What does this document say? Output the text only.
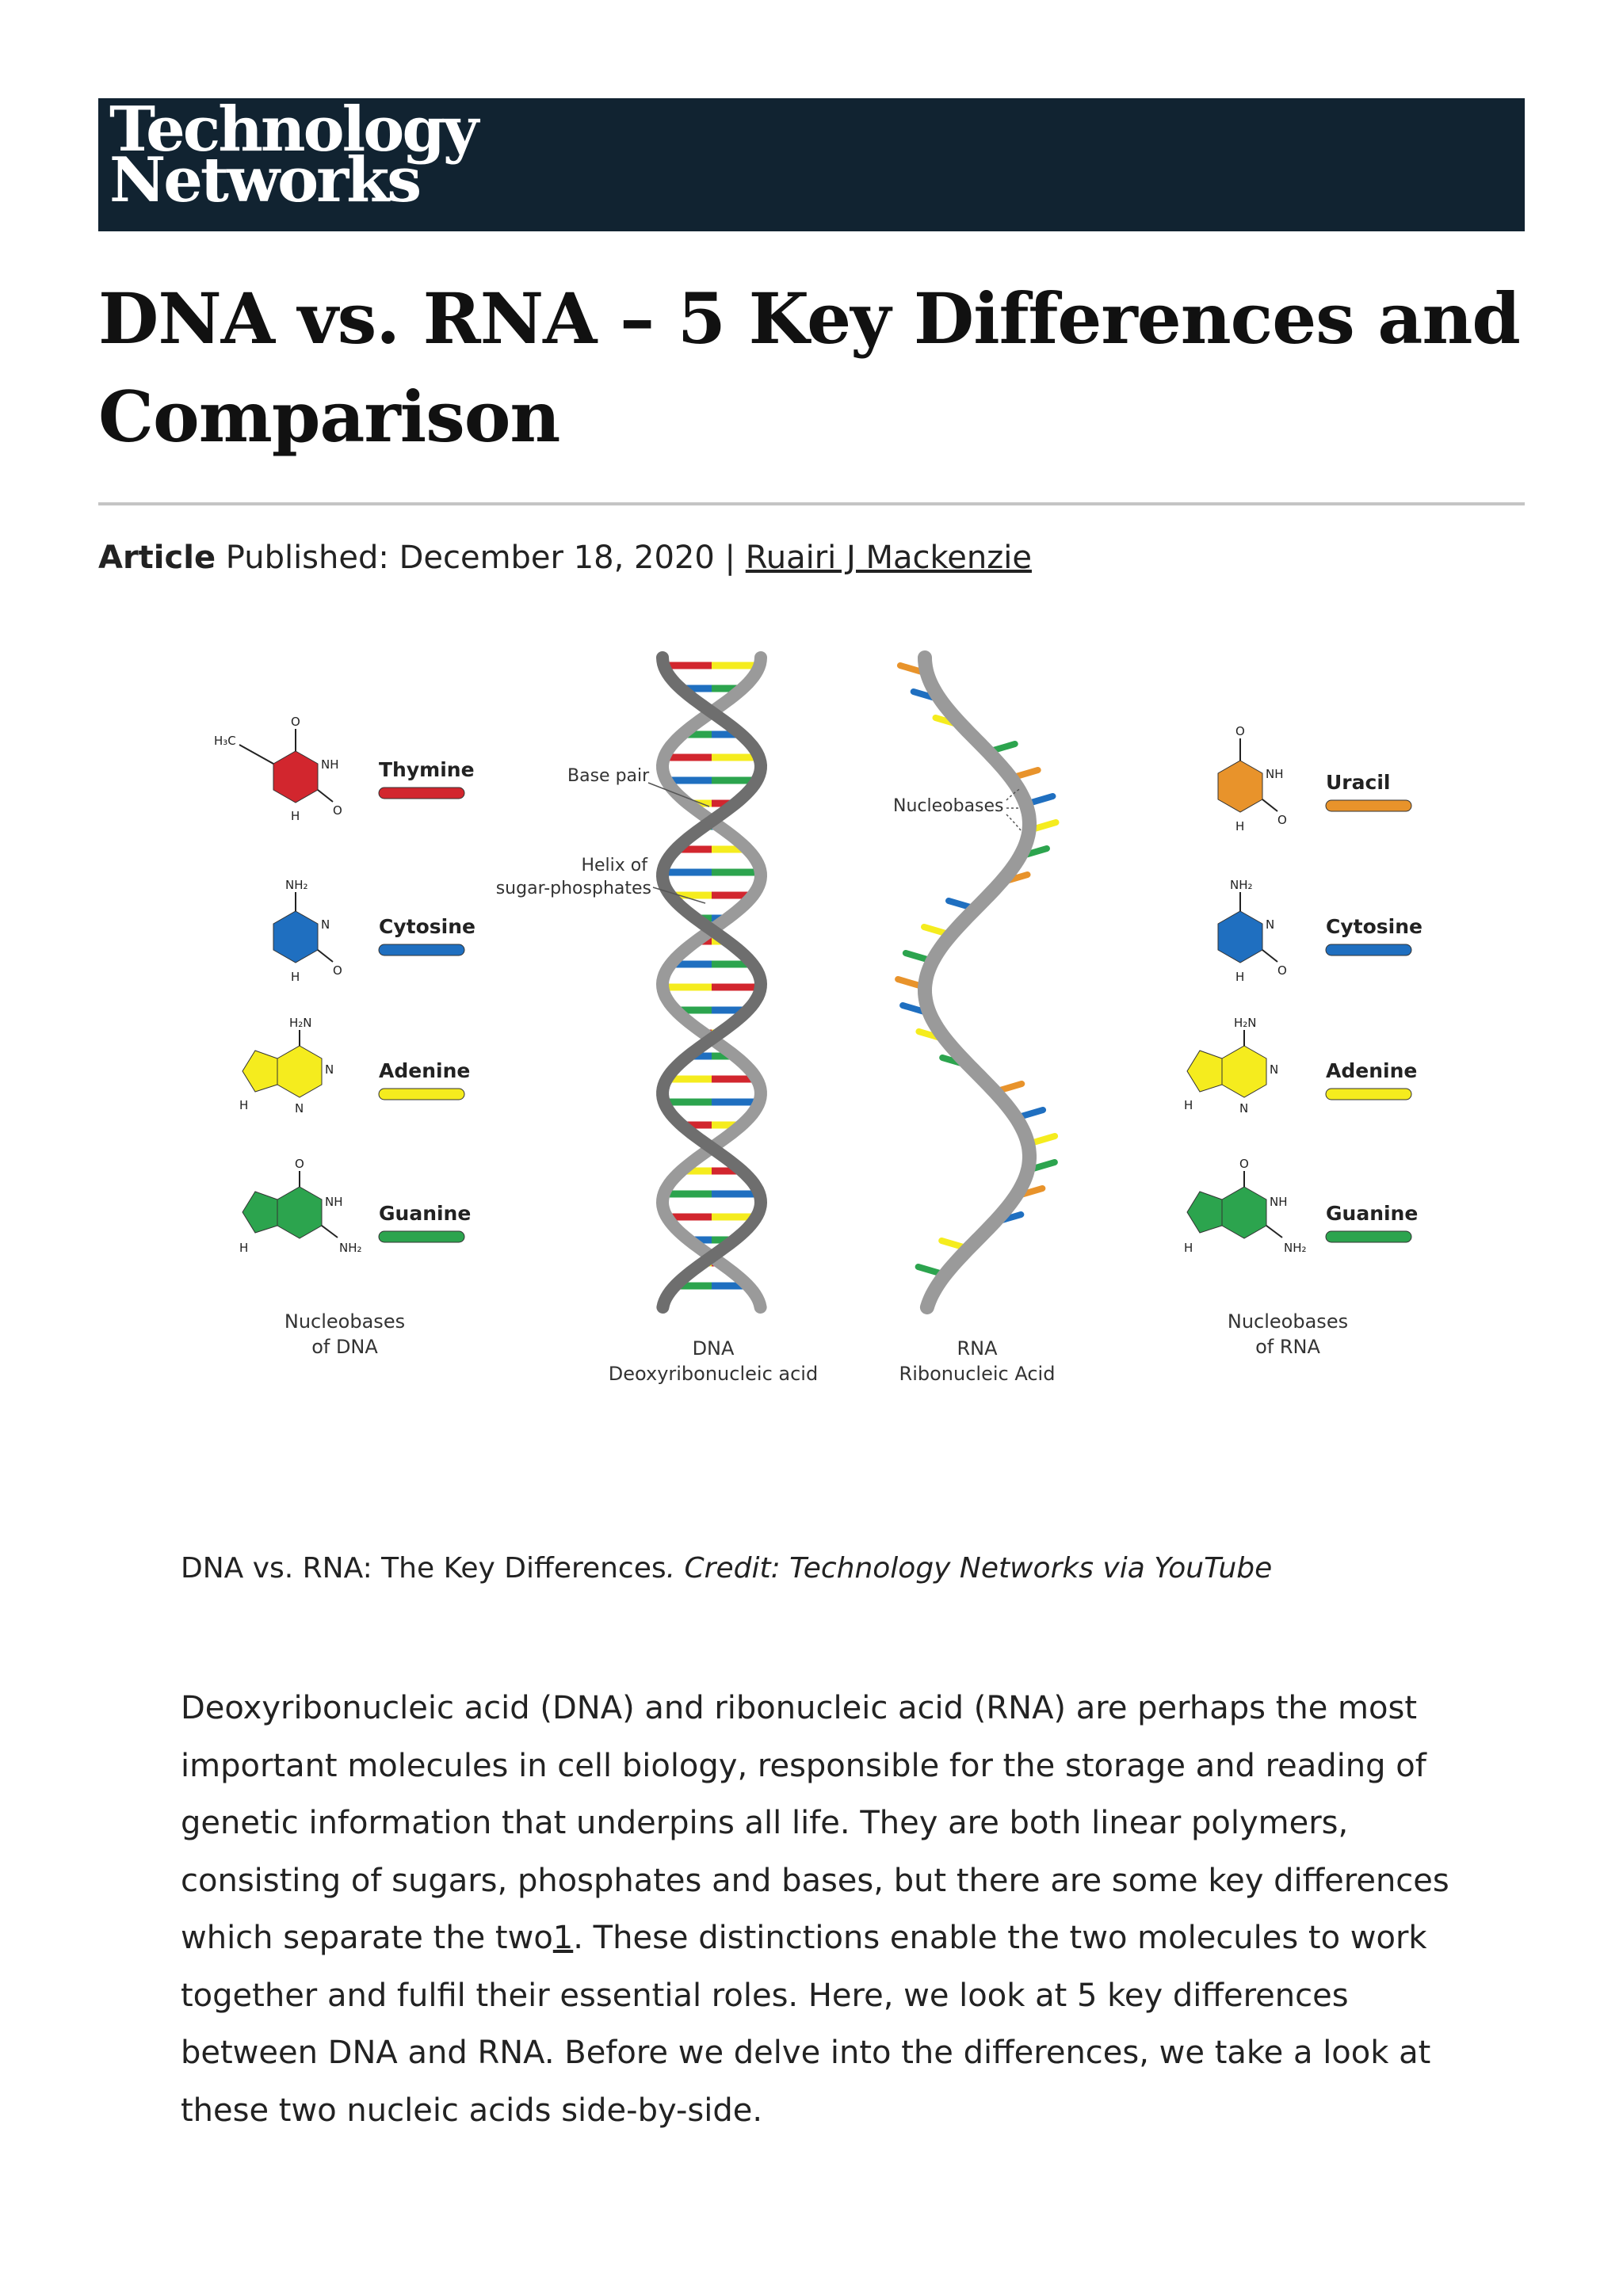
Technology
Networks
DNA vs. RNA – 5 Key Differences and Comparison
Article Published: December 18, 2020 | Ruairi J Mackenzie
H₃C
O
NH
O
H
NH₂
N
O
H
H₂N
N
N
H
O
NH
NH₂
H
Thymine
Cytosine
Adenine
Guanine
O
NH
O
H
NH₂
N
O
H
H₂N
N
N
H
O
NH
NH₂
H
Uracil
Cytosine
Adenine
Guanine
Base pair
Helix of
sugar-phosphates
Nucleobases
Nucleobases
of DNA	DNA
Deoxyribonucleic acid
RNA
Ribonucleic Acid
Nucleobases
of RNA
DNA vs. RNA: The Key Differences. Credit: Technology Networks via YouTube

Deoxyribonucleic acid (DNA) and ribonucleic acid (RNA) are perhaps the most important molecules in cell biology, responsible for the storage and reading of genetic information that underpins all life. They are both linear polymers, consisting of sugars, phosphates and bases, but there are some key differences which separate the two1. These distinctions enable the two molecules to work together and fulfil their essential roles. Here, we look at 5 key differences between DNA and RNA. Before we delve into the differences, we take a look at these two nucleic acids side-by-side.
